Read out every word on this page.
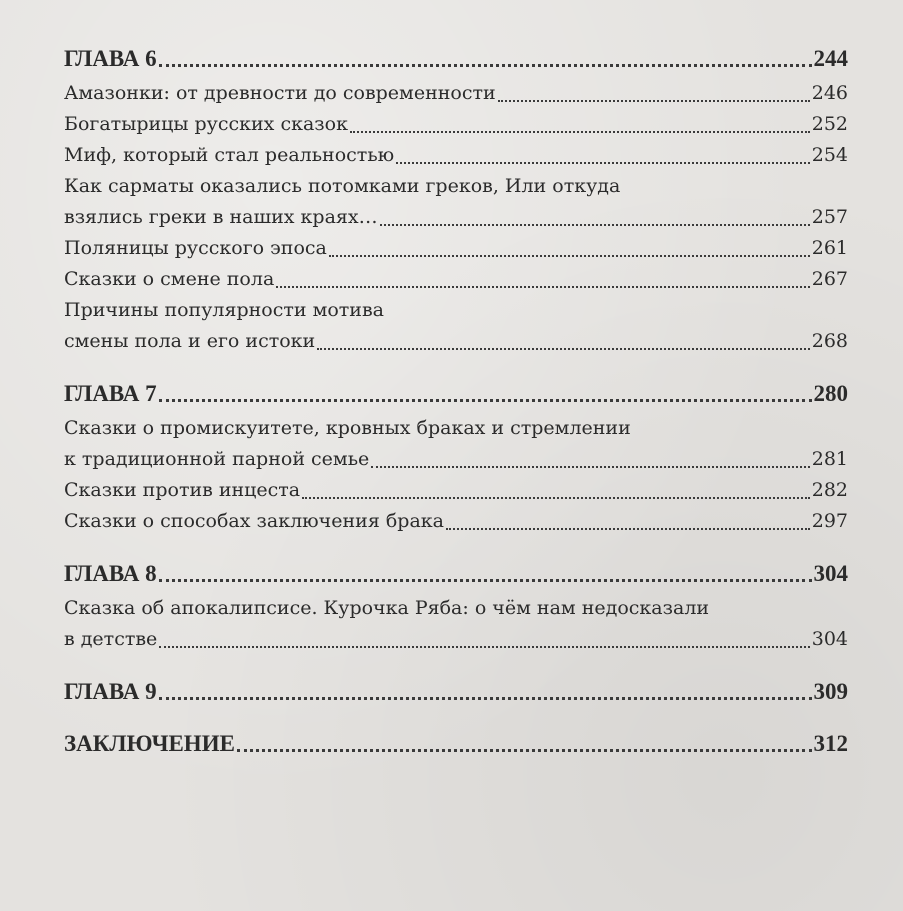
ГЛАВА 6	244
Амазонки: от древности до современности	246
Богатырицы русских сказок	252
Миф, который стал реальностью	254
Как сарматы оказались потомками греков, Или откуда
взялись греки в наших краях…	257
Поляницы русского эпоса	261
Сказки о смене пола	267
Причины популярности мотива
смены пола и его истоки	268
ГЛАВА 7	280
Сказки о промискуитете, кровных браках и стремлении
к традиционной парной семье	281
Сказки против инцеста	282
Сказки о способах заключения брака	297
ГЛАВА 8	304
Сказка об апокалипсисе. Курочка Ряба: о чём нам недосказали
в детстве	304
ГЛАВА 9	309
ЗАКЛЮЧЕНИЕ	312
